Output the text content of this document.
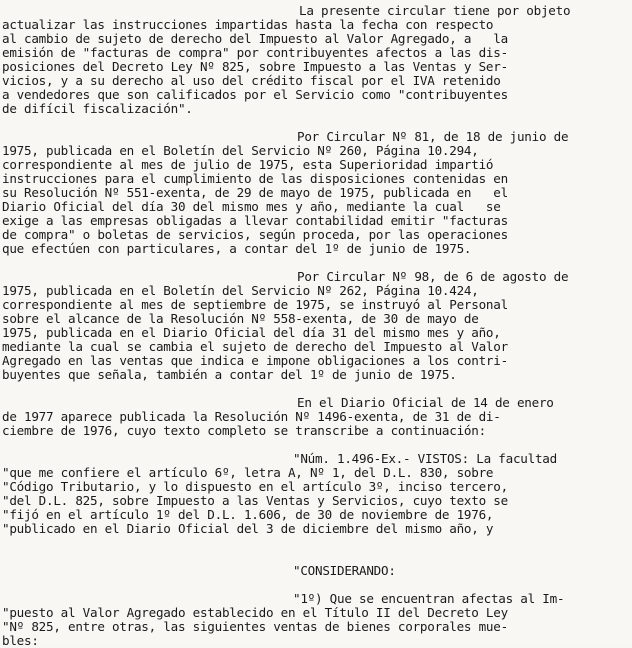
La presente circular tiene por objeto
actualizar las instrucciones impartidas hasta la fecha con respecto
al cambio de sujeto de derecho del Impuesto al Valor Agregado, a   la
emisión de "facturas de compra" por contribuyentes afectos a las dis-
posiciones del Decreto Ley Nº 825, sobre Impuesto a las Ventas y Ser-
vicios, y a su derecho al uso del crédito fiscal por el IVA retenido
a vendedores que son calificados por el Servicio como "contribuyentes
de difícil fiscalización".
Por Circular Nº 81, de 18 de junio de
1975, publicada en el Boletín del Servicio Nº 260, Página 10.294,
correspondiente al mes de julio de 1975, esta Superioridad impartió
instrucciones para el cumplimiento de las disposiciones contenidas en
su Resolución Nº 551-exenta, de 29 de mayo de 1975, publicada en   el
Diario Oficial del día 30 del mismo mes y año, mediante la cual   se
exige a las empresas obligadas a llevar contabilidad emitir "facturas
de compra" o boletas de servicios, según proceda, por las operaciones
que efectúen con particulares, a contar del 1º de junio de 1975.
Por Circular Nº 98, de 6 de agosto de
1975, publicada en el Boletín del Servicio Nº 262, Página 10.424,
correspondiente al mes de septiembre de 1975, se instruyó al Personal
sobre el alcance de la Resolución Nº 558-exenta, de 30 de mayo de
1975, publicada en el Diario Oficial del día 31 del mismo mes y año,
mediante la cual se cambia el sujeto de derecho del Impuesto al Valor
Agregado en las ventas que indica e impone obligaciones a los contri-
buyentes que señala, también a contar del 1º de junio de 1975.
En el Diario Oficial de 14 de enero
de 1977 aparece publicada la Resolución Nº 1496-exenta, de 31 de di-
ciembre de 1976, cuyo texto completo se transcribe a continuación:
"Núm. 1.496-Ex.- VISTOS: La facultad
"que me confiere el artículo 6º, letra A, Nº 1, del D.L. 830, sobre
"Código Tributario, y lo dispuesto en el artículo 3º, inciso tercero,
"del D.L. 825, sobre Impuesto a las Ventas y Servicios, cuyo texto se
"fijó en el artículo 1º del D.L. 1.606, de 30 de noviembre de 1976,
"publicado en el Diario Oficial del 3 de diciembre del mismo año, y
"CONSIDERANDO:
"1º) Que se encuentran afectas al Im-
"puesto al Valor Agregado establecido en el Título II del Decreto Ley
"Nº 825, entre otras, las siguientes ventas de bienes corporales mue-
bles:
